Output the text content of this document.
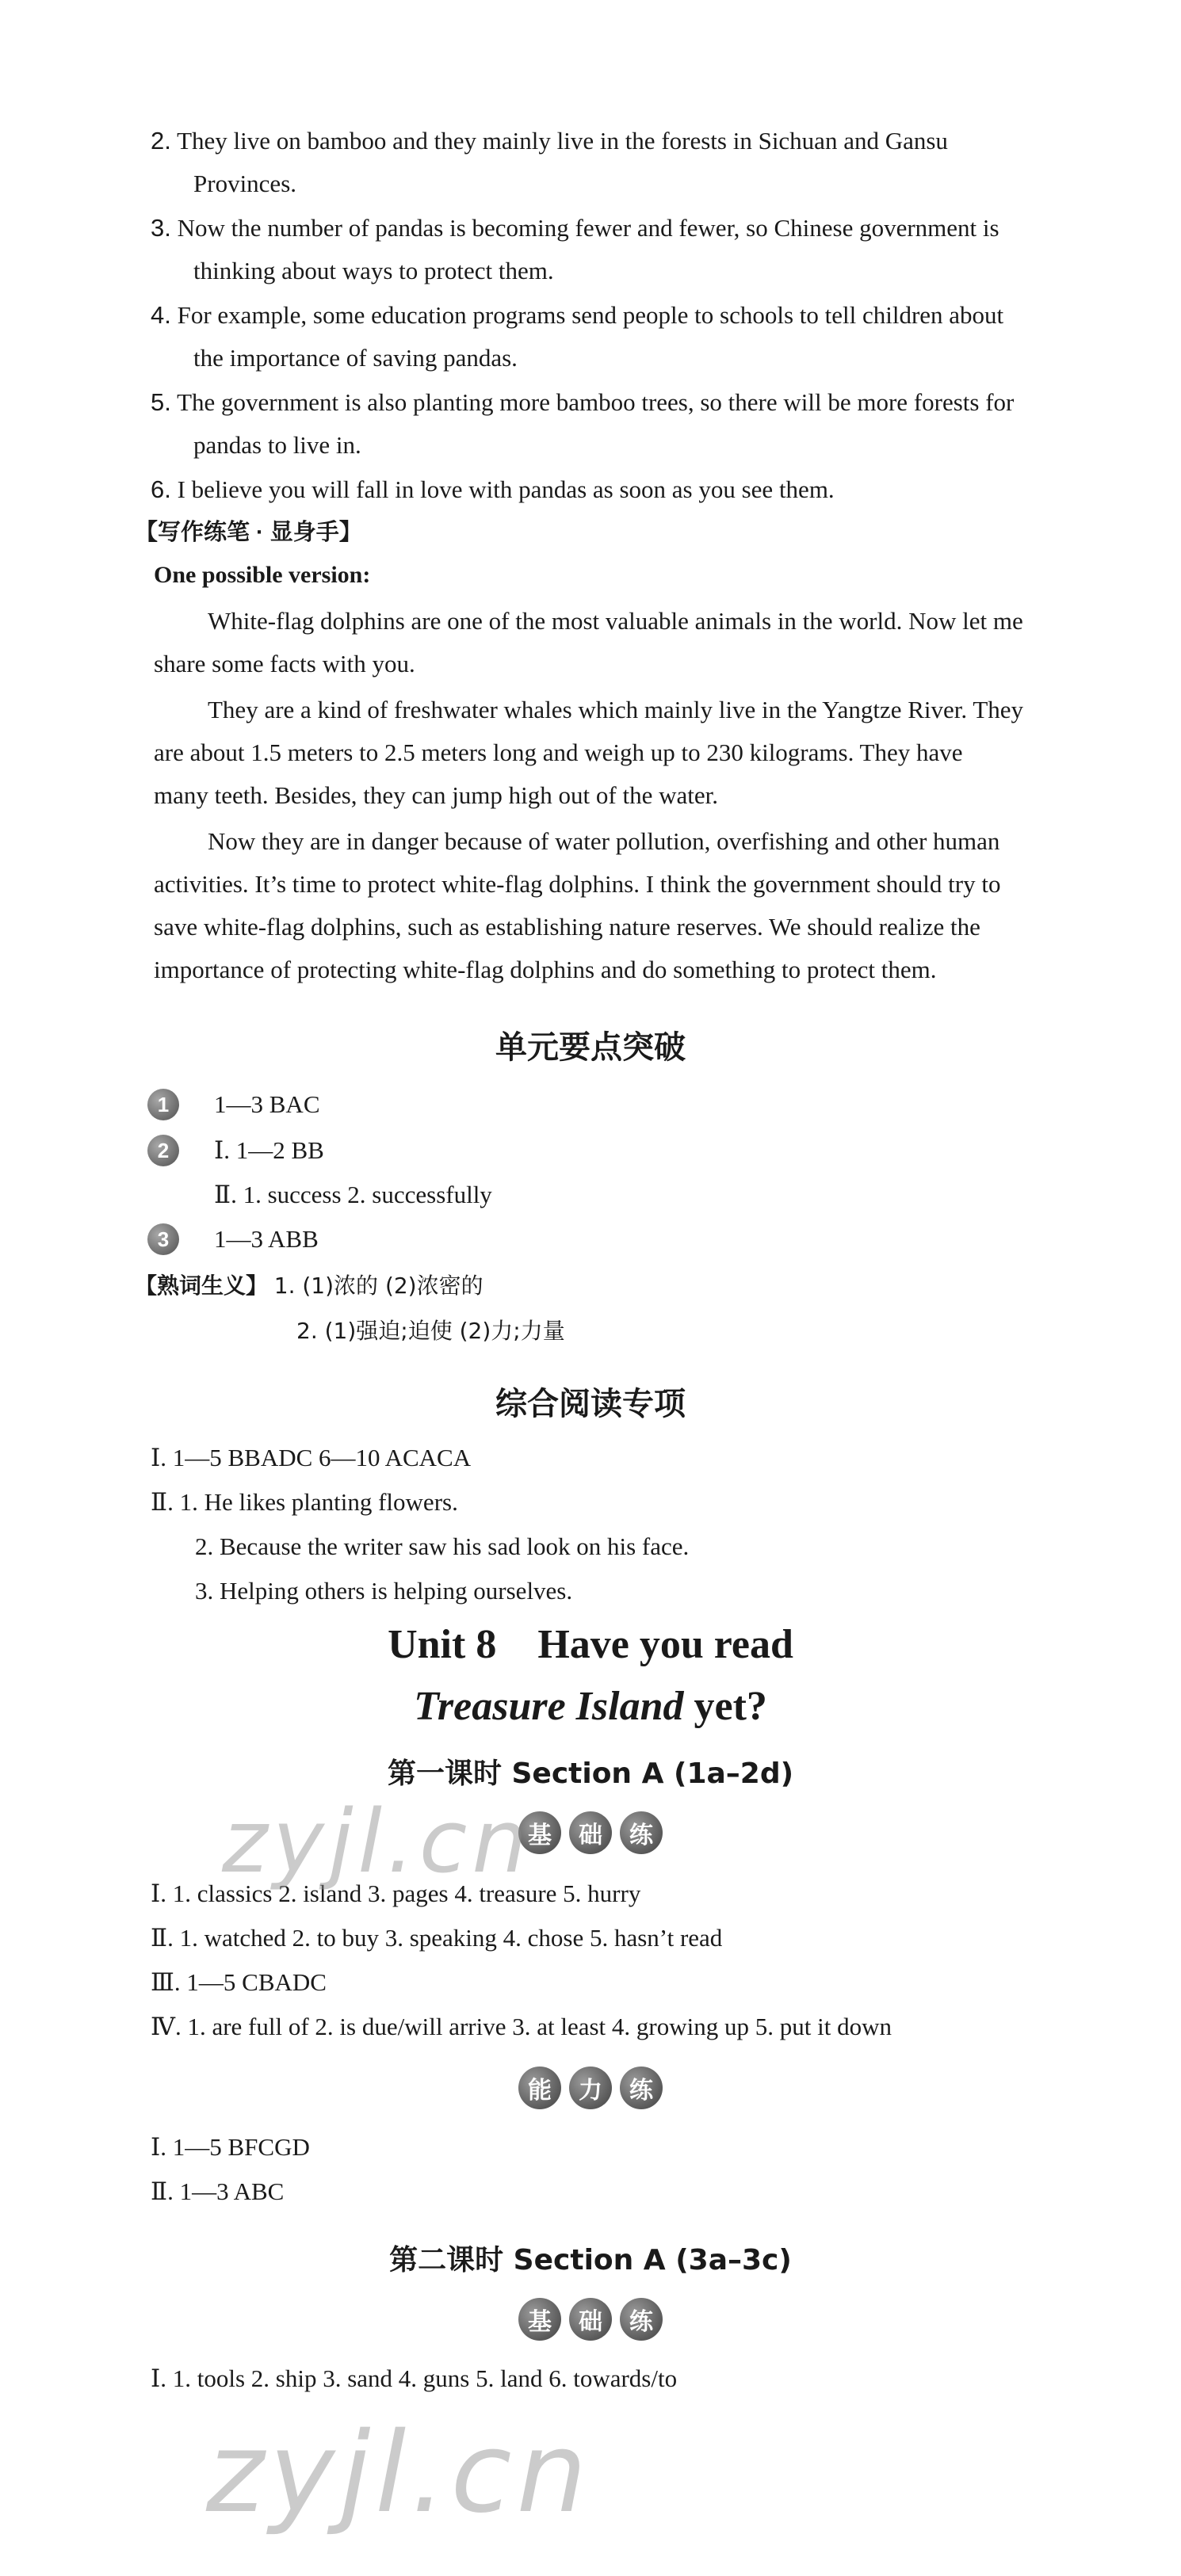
2. They live on bamboo and they mainly live in the forests in Sichuan and Gansu
Provinces.
3. Now the number of pandas is becoming fewer and fewer, so Chinese government is
thinking about ways to protect them.
4. For example, some education programs send people to schools to tell children about
the importance of saving pandas.
5. The government is also planting more bamboo trees, so there will be more forests for
pandas to live in.
6. I believe you will fall in love with pandas as soon as you see them.
【写作练笔 · 显身手】
One possible version:
White-flag dolphins are one of the most valuable animals in the world. Now let me
share some facts with you.
They are a kind of freshwater whales which mainly live in the Yangtze River. They
are about 1.5 meters to 2.5 meters long and weigh up to 230 kilograms. They have
many teeth. Besides, they can jump high out of the water.
Now they are in danger because of water pollution, overfishing and other human
activities. It’s time to protect white-flag dolphins. I think the government should try to
save white-flag dolphins, such as establishing nature reserves. We should realize the
importance of protecting white-flag dolphins and do something to protect them.
单元要点突破
1 1—3 BAC
2 Ⅰ. 1—2 BB
Ⅱ. 1. success 2. successfully
3 1—3 ABB
【熟词生义】 1. (1)浓的 (2)浓密的
2. (1)强迫;迫使 (2)力;力量
综合阅读专项
Ⅰ. 1—5 BBADC 6—10 ACACA
Ⅱ. 1. He likes planting flowers.
2. Because the writer saw his sad look on his face.
3. Helping others is helping ourselves.
Unit 8    Have you read
Treasure Island yet?
第一课时 Section A (1a–2d)
基	础	练
Ⅰ. 1. classics 2. island 3. pages 4. treasure 5. hurry
Ⅱ. 1. watched 2. to buy 3. speaking 4. chose 5. hasn’t read
Ⅲ. 1—5 CBADC
Ⅳ. 1. are full of 2. is due/will arrive 3. at least 4. growing up 5. put it down
能	力	练
Ⅰ. 1—5 BFCGD
Ⅱ. 1—3 ABC
第二课时 Section A (3a–3c)
基	础	练
Ⅰ. 1. tools 2. ship 3. sand 4. guns 5. land 6. towards/to
zyjl.cn
zyjl.cn
